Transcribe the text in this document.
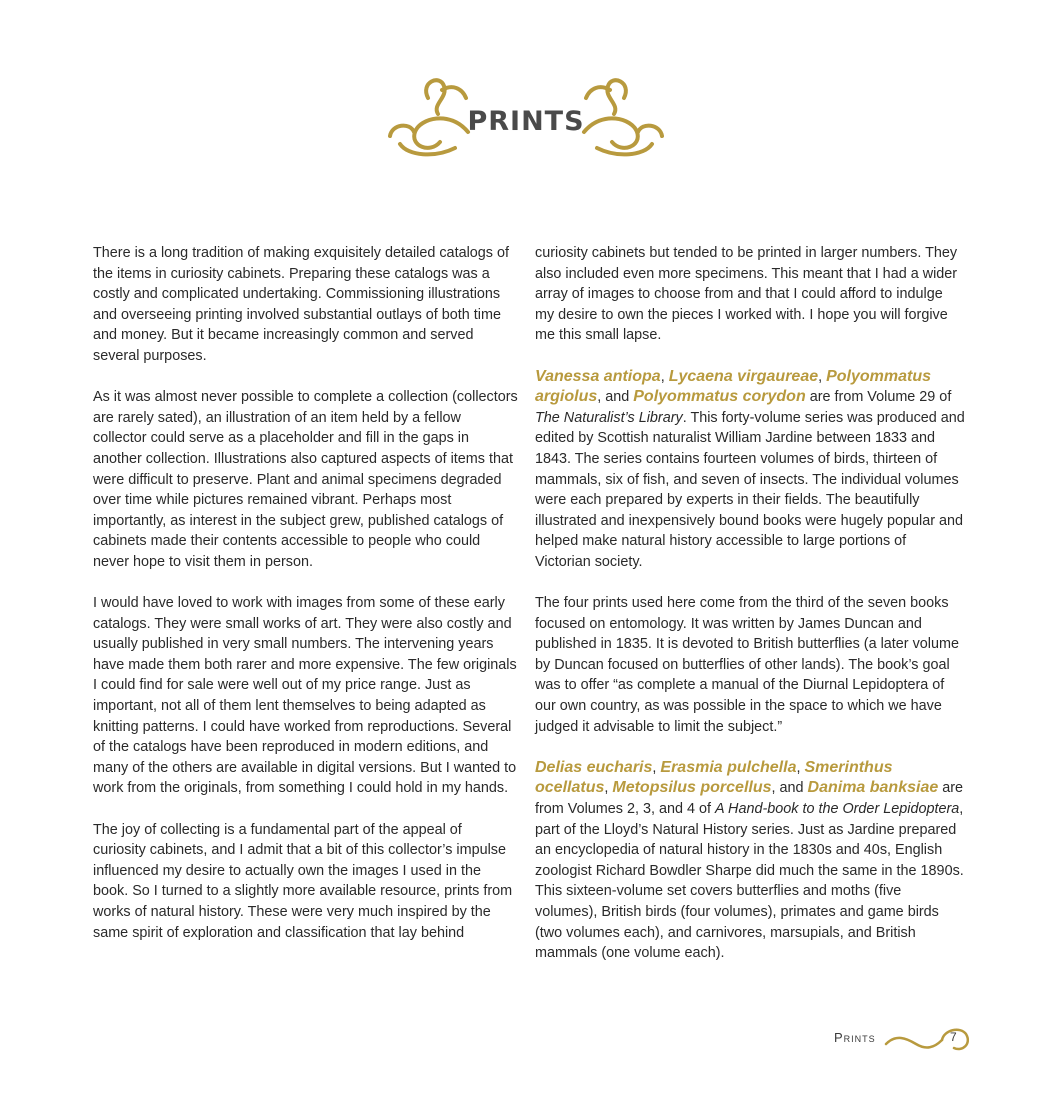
PRINTS

There is a long tradition of making exquisitely detailed catalogs of the items in curiosity cabinets. Preparing these catalogs was a costly and complicated undertaking. Commissioning illustrations and overseeing printing involved substantial outlays of both time and money. But it became increasingly common and served several purposes.

As it was almost never possible to complete a collection (collectors are rarely sated), an illustration of an item held by a fellow collector could serve as a placeholder and fill in the gaps in another collection. Illustrations also captured aspects of items that were difficult to preserve. Plant and animal specimens degraded over time while pictures remained vibrant. Perhaps most importantly, as interest in the subject grew, published catalogs of cabinets made their contents accessible to people who could never hope to visit them in person.

I would have loved to work with images from some of these early catalogs. They were small works of art. They were also costly and usually published in very small numbers. The intervening years have made them both rarer and more expensive. The few originals I could find for sale were well out of my price range. Just as important, not all of them lent themselves to being adapted as knitting patterns. I could have worked from reproductions. Several of the catalogs have been reproduced in modern editions, and many of the others are available in digital versions. But I wanted to work from the originals, from something I could hold in my hands.

The joy of collecting is a fundamental part of the appeal of curiosity cabinets, and I admit that a bit of this collector’s impulse influenced my desire to actually own the images I used in the book. So I turned to a slightly more available resource, prints from works of natural history. These were very much inspired by the same spirit of exploration and classification that lay behind

curiosity cabinets but tended to be printed in larger numbers. They also included even more specimens. This meant that I had a wider array of images to choose from and that I could afford to indulge my desire to own the pieces I worked with. I hope you will forgive me this small lapse.

Vanessa antiopa, Lycaena virgaureae, Polyommatus argiolus, and Polyommatus corydon are from Volume 29 of The Naturalist’s Library. This forty-volume series was produced and edited by Scottish naturalist William Jardine between 1833 and 1843. The series contains fourteen volumes of birds, thirteen of mammals, six of fish, and seven of insects. The individual volumes were each prepared by experts in their fields. The beautifully illustrated and inexpensively bound books were hugely popular and helped make natural history accessible to large portions of Victorian society.

The four prints used here come from the third of the seven books focused on entomology. It was written by James Duncan and published in 1835. It is devoted to British butterflies (a later volume by Duncan focused on butterflies of other lands). The book’s goal was to offer “as complete a manual of the Diurnal Lepidoptera of our own country, as was possible in the space to which we have judged it advisable to limit the subject.”

Delias eucharis, Erasmia pulchella, Smerinthus ocellatus, Metopsilus porcellus, and Danima banksiae are from Volumes 2, 3, and 4 of A Hand-book to the Order Lepidoptera, part of the Lloyd’s Natural History series. Just as Jardine prepared an encyclopedia of natural history in the 1830s and 40s, English zoologist Richard Bowdler Sharpe did much the same in the 1890s. This sixteen-volume set covers butterflies and moths (five volumes), British birds (four volumes), primates and game birds (two volumes each), and carnivores, marsupials, and British mammals (one volume each).

Prints	7
